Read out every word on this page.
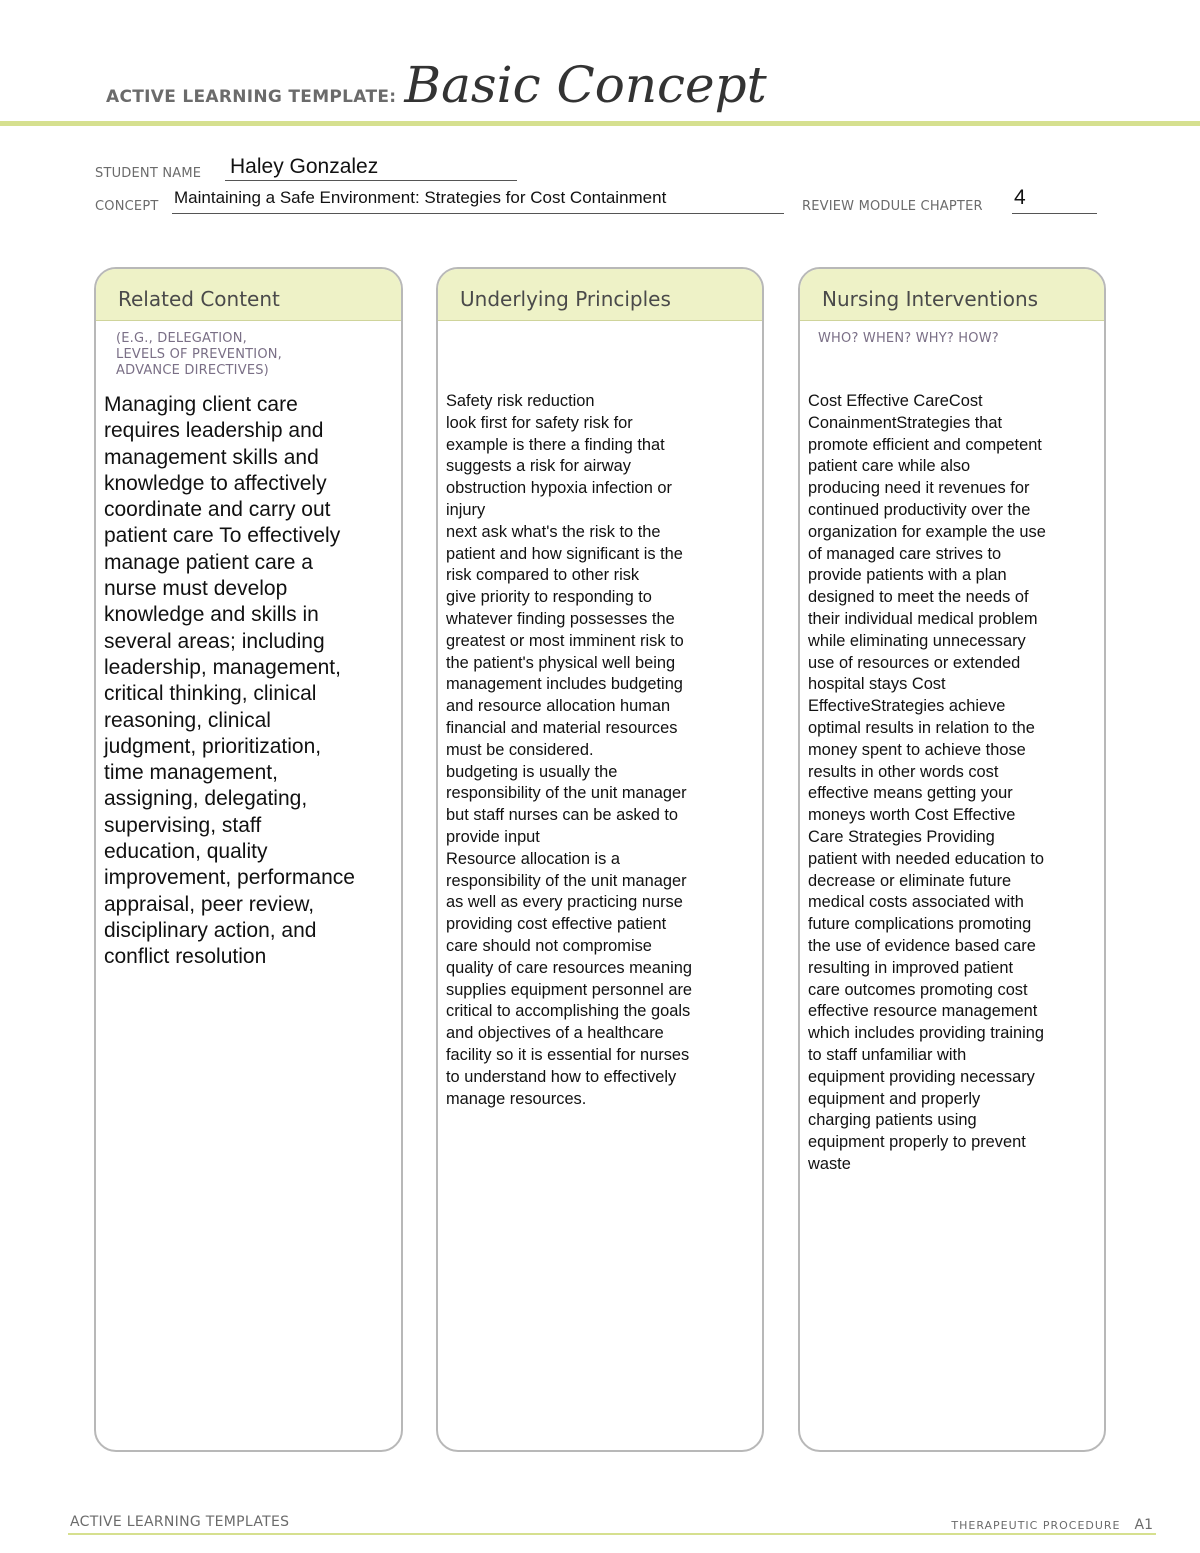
ACTIVE LEARNING TEMPLATE: Basic Concept
STUDENT NAME Haley Gonzalez
CONCEPT Maintaining a Safe Environment: Strategies for Cost Containment	REVIEW MODULE CHAPTER 4
Related Content
(E.G., DELEGATION,
LEVELS OF PREVENTION,
ADVANCE DIRECTIVES)
Managing client care
requires leadership and
management skills and
knowledge to affectively
coordinate and carry out
patient care To effectively
manage patient care a
nurse must develop
knowledge and skills in
several areas; including
leadership, management,
critical thinking, clinical
reasoning, clinical
judgment, prioritization,
time management,
assigning, delegating,
supervising, staff
education, quality
improvement, performance
appraisal, peer review,
disciplinary action, and
conflict resolution
Underlying Principles
Safety risk reduction
look first for safety risk for
example is there a finding that
suggests a risk for airway
obstruction hypoxia infection or
injury
next ask what's the risk to the
patient and how significant is the
risk compared to other risk
give priority to responding to
whatever finding possesses the
greatest or most imminent risk to
the patient's physical well being
management includes budgeting
and resource allocation human
financial and material resources
must be considered.
budgeting is usually the
responsibility of the unit manager
but staff nurses can be asked to
provide input
Resource allocation is a
responsibility of the unit manager
as well as every practicing nurse
providing cost effective patient
care should not compromise
quality of care resources meaning
supplies equipment personnel are
critical to accomplishing the goals
and objectives of a healthcare
facility so it is essential for nurses
to understand how to effectively
manage resources.
Nursing Interventions
WHO? WHEN? WHY? HOW?
Cost Effective CareCost
ConainmentStrategies that
promote efficient and competent
patient care while also
producing need it revenues for
continued productivity over the
organization for example the use
of managed care strives to
provide patients with a plan
designed to meet the needs of
their individual medical problem
while eliminating unnecessary
use of resources or extended
hospital stays Cost
EffectiveStrategies achieve
optimal results in relation to the
money spent to achieve those
results in other words cost
effective means getting your
moneys worth Cost Effective
Care Strategies Providing
patient with needed education to
decrease or eliminate future
medical costs associated with
future complications promoting
the use of evidence based care
resulting in improved patient
care outcomes promoting cost
effective resource management
which includes providing training
to staff unfamiliar with
equipment providing necessary
equipment and properly
charging patients using
equipment properly to prevent
waste
ACTIVE LEARNING TEMPLATES	THERAPEUTIC PROCEDURE A1
